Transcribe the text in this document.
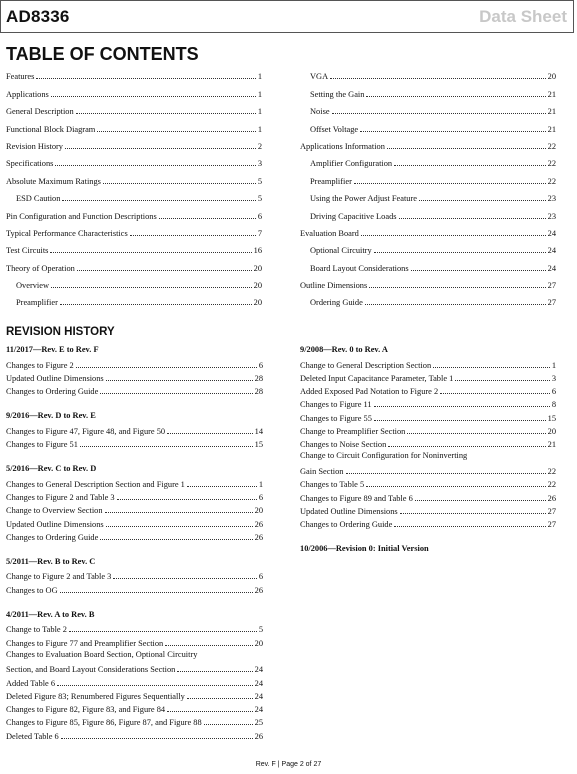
AD8336	Data Sheet
TABLE OF CONTENTS
Features	1
Applications	1
General Description	1
Functional Block Diagram	1
Revision History	2
Specifications	3
Absolute Maximum Ratings	5
ESD Caution	5
Pin Configuration and Function Descriptions	6
Typical Performance Characteristics	7
Test Circuits	16
Theory of Operation	20
Overview	20
Preamplifier	20
VGA	20
Setting the Gain	21
Noise	21
Offset Voltage	21
Applications Information	22
Amplifier Configuration	22
Preamplifier	22
Using the Power Adjust Feature	23
Driving Capacitive Loads	23
Evaluation Board	24
Optional Circuitry	24
Board Layout Considerations	24
Outline Dimensions	27
Ordering Guide	27
REVISION HISTORY
11/2017—Rev. E to Rev. F
Changes to Figure 2	6
Updated Outline Dimensions	28
Changes to Ordering Guide	28
9/2016—Rev. D to Rev. E
Changes to Figure 47, Figure 48, and Figure 50	14
Changes to Figure 51	15
5/2016—Rev. C to Rev. D
Changes to General Description Section and Figure 1	1
Changes to Figure 2 and Table 3	6
Change to Overview Section	20
Updated Outline Dimensions	26
Changes to Ordering Guide	26
5/2011—Rev. B to Rev. C
Change to Figure 2 and Table 3	6
Changes to OG	26
4/2011—Rev. A to Rev. B
Change to Table 2	5
Changes to Figure 77 and Preamplifier Section	20
Changes to Evaluation Board Section, Optional Circuitry
Section, and Board Layout Considerations Section	24
Added Table 6	24
Deleted Figure 83; Renumbered Figures Sequentially	24
Changes to Figure 82, Figure 83, and Figure 84	24
Changes to Figure 85, Figure 86, Figure 87, and Figure 88	25
Deleted Table 6	26
9/2008—Rev. 0 to Rev. A
Change to General Description Section	1
Deleted Input Capacitance Parameter, Table 1	3
Added Exposed Pad Notation to Figure 2	6
Changes to Figure 11	8
Changes to Figure 55	15
Change to Preamplifier Section	20
Changes to Noise Section	21
Change to Circuit Configuration for Noninverting
Gain Section	22
Changes to Table 5	22
Changes to Figure 89 and Table 6	26
Updated Outline Dimensions	27
Changes to Ordering Guide	27
10/2006—Revision 0: Initial Version
Rev. F | Page 2 of 27
